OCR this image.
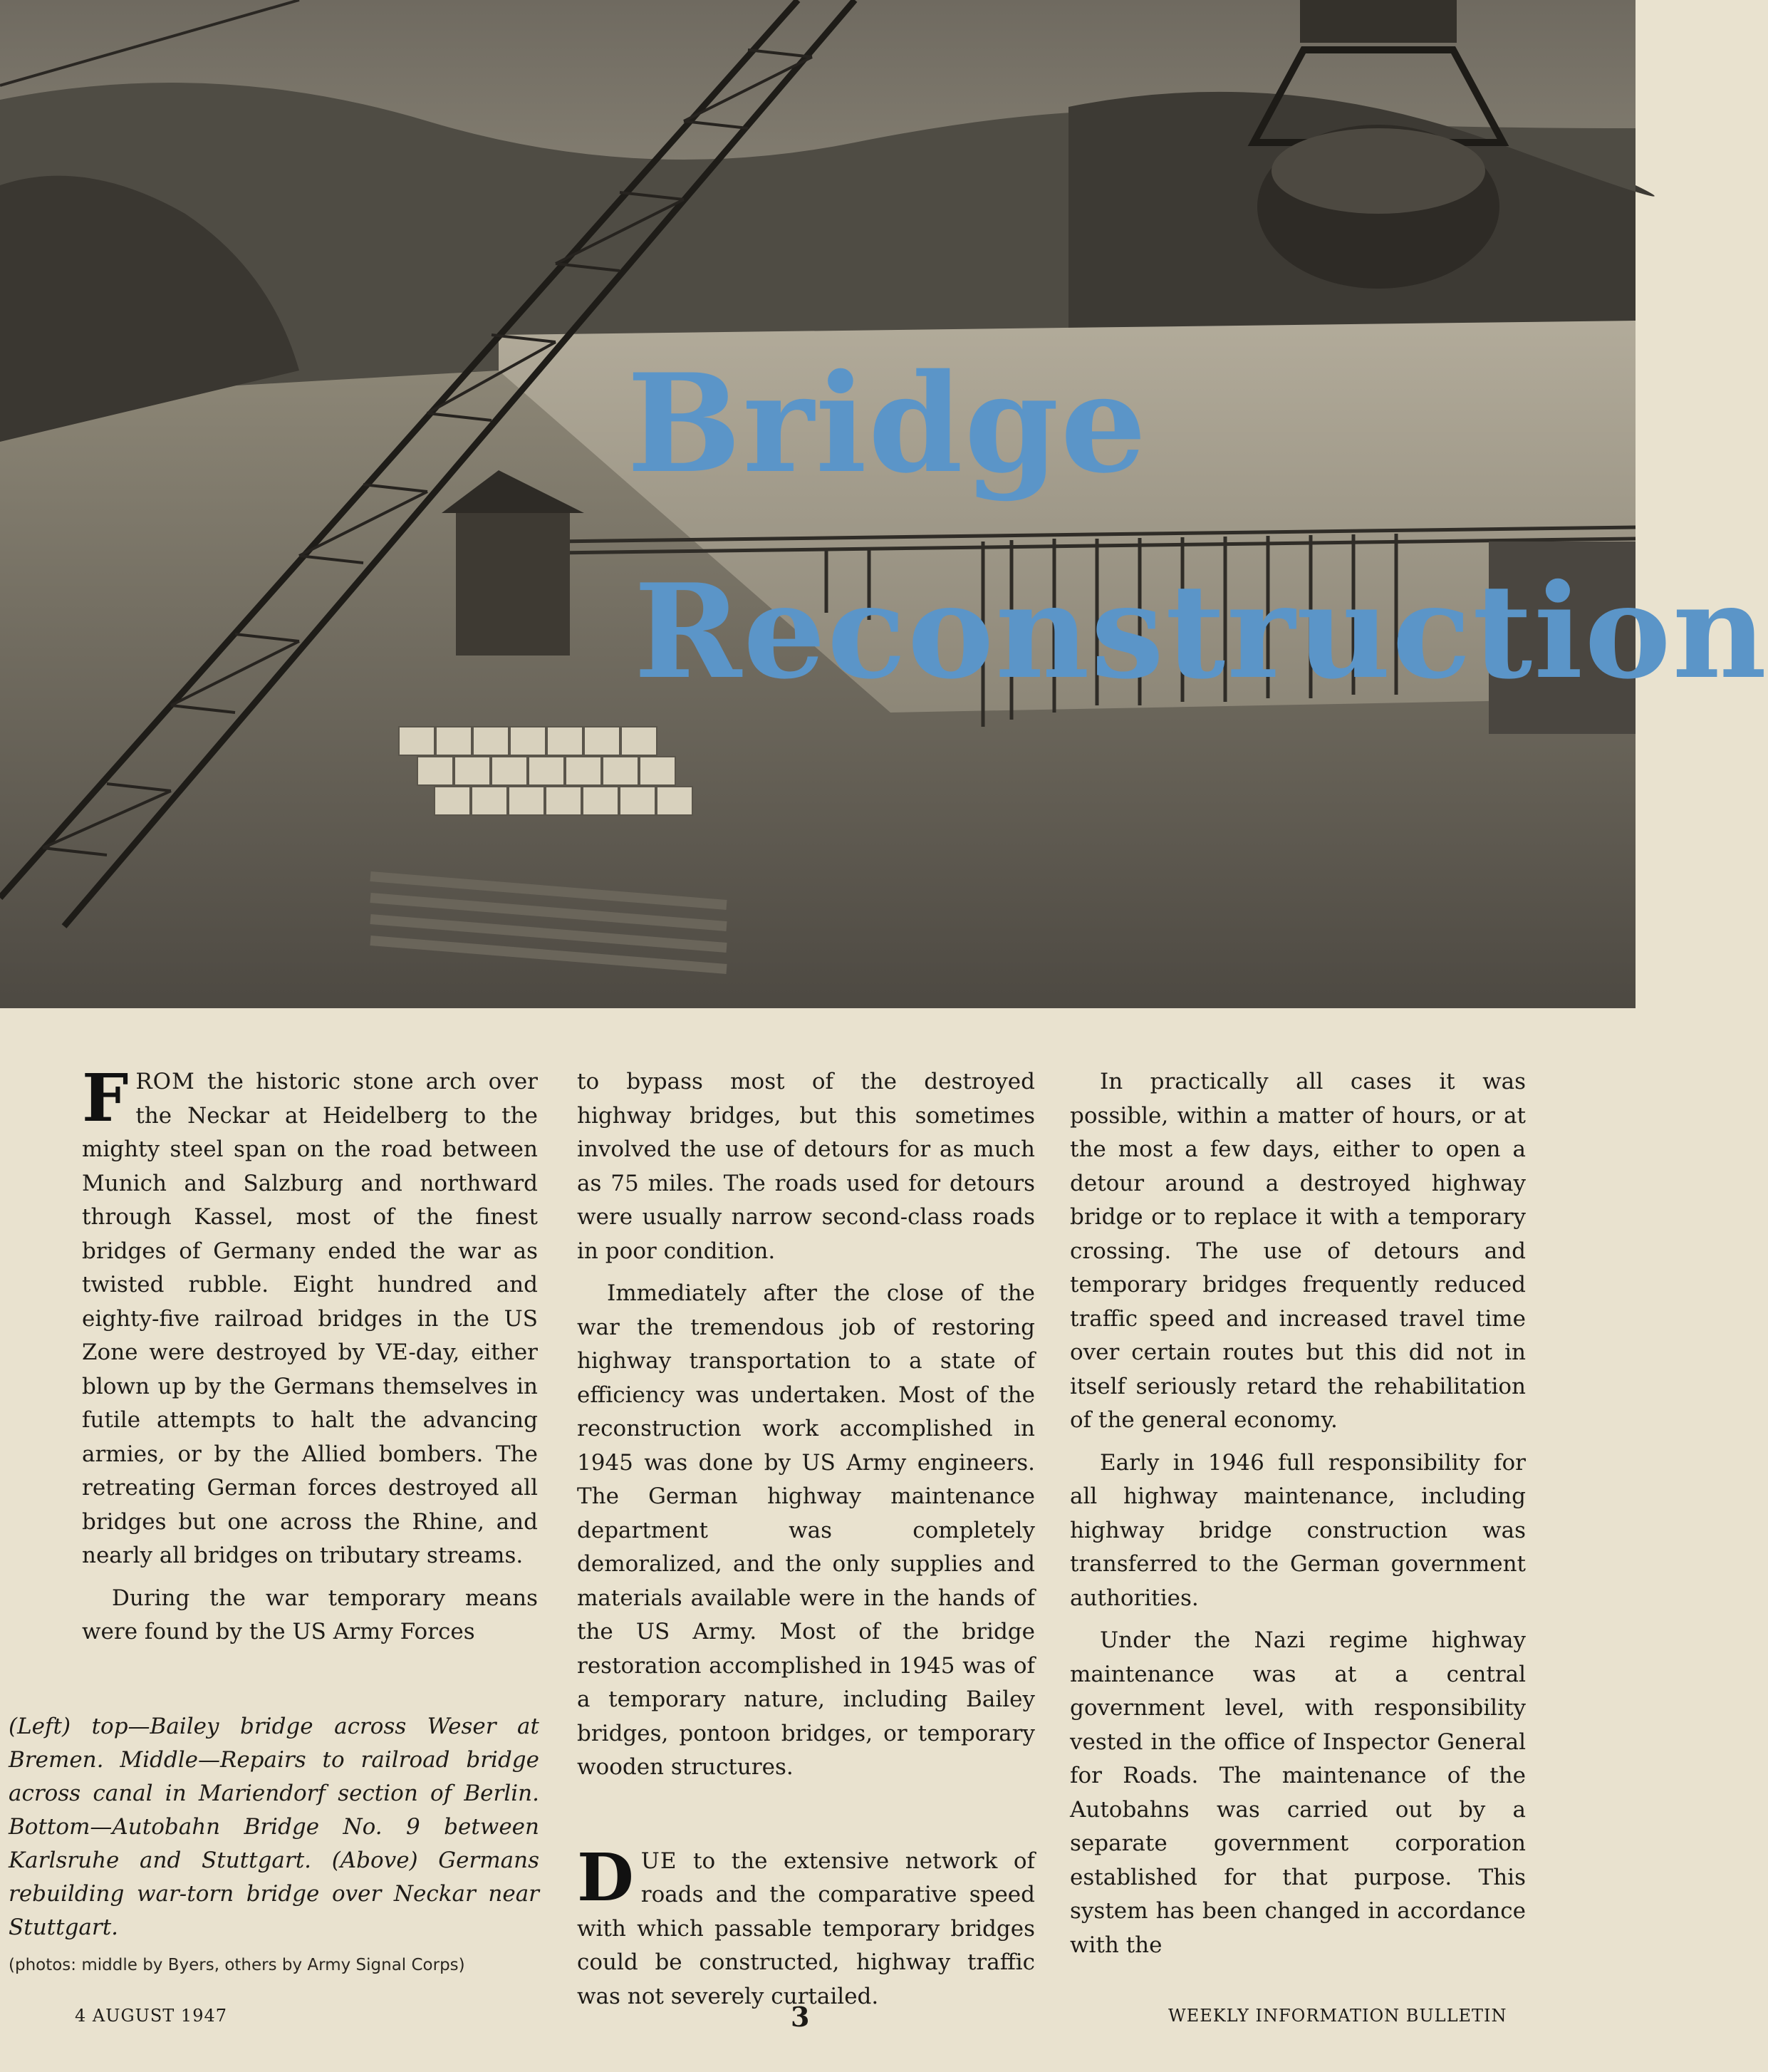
Bridge
Reconstruction

FROM the historic stone arch over the Neckar at Heidelberg to the mighty steel span on the road between Munich and Salzburg and northward through Kassel, most of the finest bridges of Germany ended the war as twisted rubble. Eight hundred and eighty-five railroad bridges in the US Zone were destroyed by VE-day, either blown up by the Germans themselves in futile attempts to halt the advancing armies, or by the Allied bombers. The retreating German forces destroyed all bridges but one across the Rhine, and nearly all bridges on tributary streams.

During the war temporary means were found by the US Army Forces

(Left) top—Bailey bridge across Weser at Bremen. Middle—Repairs to railroad bridge across canal in Mariendorf section of Berlin. Bottom—Autobahn Bridge No. 9 between Karlsruhe and Stuttgart. (Above) Germans rebuilding war-torn bridge over Neckar near Stuttgart.
(photos: middle by Byers, others by Army Signal Corps)

to bypass most of the destroyed highway bridges, but this sometimes involved the use of detours for as much as 75 miles. The roads used for detours were usually narrow second-class roads in poor condition.

Immediately after the close of the war the tremendous job of restoring highway transportation to a state of efficiency was undertaken. Most of the reconstruction work accomplished in 1945 was done by US Army engineers. The German highway maintenance department was completely demoralized, and the only supplies and materials available were in the hands of the US Army. Most of the bridge restoration accomplished in 1945 was of a temporary nature, including Bailey bridges, pontoon bridges, or temporary wooden structures.

DUE to the extensive network of roads and the comparative speed with which passable temporary bridges could be constructed, highway traffic was not severely curtailed.

In practically all cases it was possible, within a matter of hours, or at the most a few days, either to open a detour around a destroyed highway bridge or to replace it with a temporary crossing. The use of detours and temporary bridges frequently reduced traffic speed and increased travel time over certain routes but this did not in itself seriously retard the rehabilitation of the general economy.

Early in 1946 full responsibility for all highway maintenance, including highway bridge construction was transferred to the German government authorities.

Under the Nazi regime highway maintenance was at a central government level, with responsibility vested in the office of Inspector General for Roads. The maintenance of the Autobahns was carried out by a separate government corporation established for that purpose. This system has been changed in accordance with the

4 AUGUST 1947	3	WEEKLY INFORMATION BULLETIN
